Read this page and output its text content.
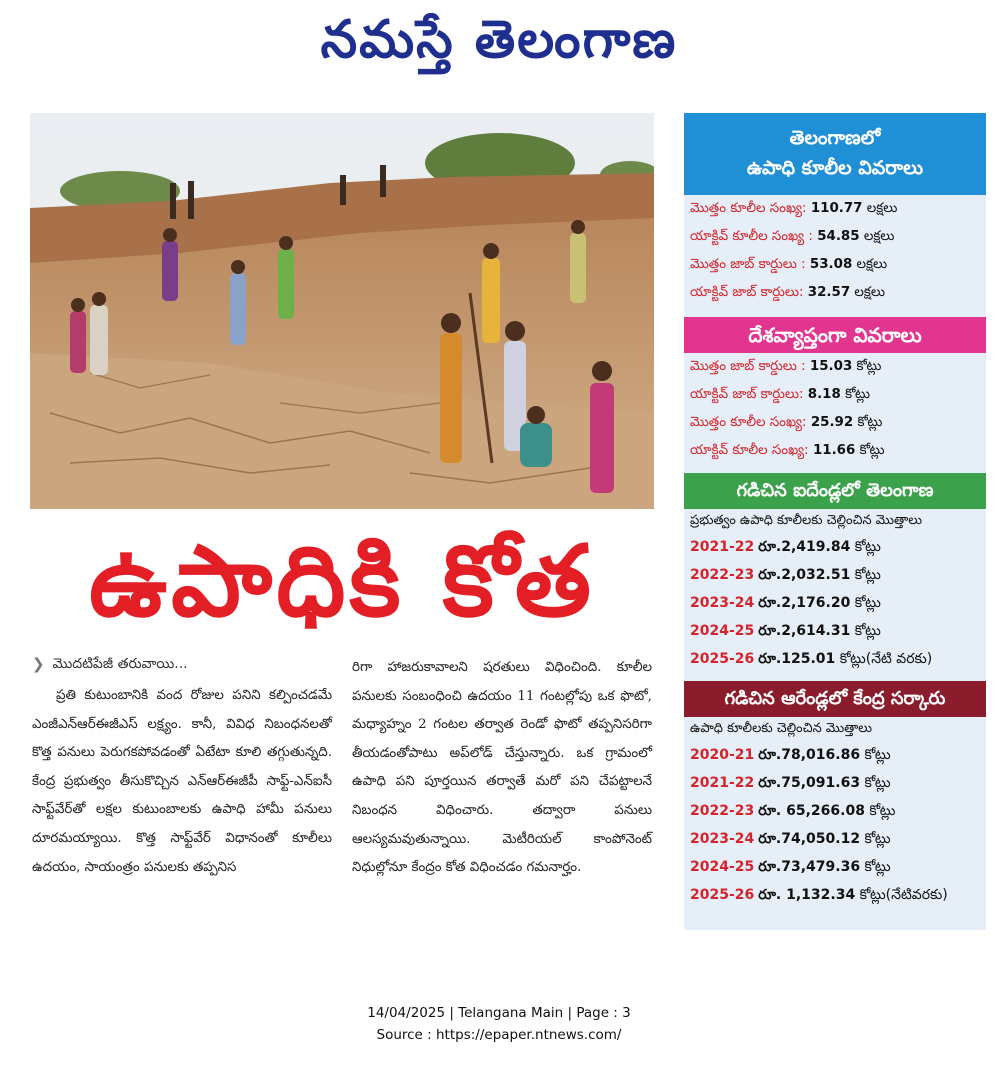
నమస్తే తెలంగాణ
ఉపాధికి కోత
❯ మొదటిపేజీ తరువాయి...

ప్రతి కుటుంబానికి వంద రోజుల పనిని కల్పించడమే ఎంజీఎన్ఆర్ఈజీఎస్ లక్ష్యం. కానీ, వివిధ నిబంధనలతో కొత్త పనులు పెరుగకపోవడంతో ఏటేటా కూలి తగ్గుతున్నది. కేంద్ర ప్రభుత్వం తీసుకొచ్చిన ఎన్ఆర్ఈజీపీ సాఫ్ట్-ఎన్ఐసీ సాఫ్ట్‌వేర్‌తో లక్షల కుటుంబాలకు ఉపాధి హామీ పనులు దూరమయ్యాయి. కొత్త సాఫ్ట్‌వేర్ విధానంతో కూలీలు ఉదయం, సాయంత్రం పనులకు తప్పనిస

రిగా హాజరుకావాలని షరతులు విధించింది. కూలీల పనులకు సంబంధించి ఉదయం 11 గంటల్లోపు ఒక ఫొటో, మధ్యాహ్నం 2 గంటల తర్వాత రెండో ఫొటో తప్పనిసరిగా తీయడంతోపాటు అప్‌లోడ్ చేస్తున్నారు. ఒక గ్రామంలో ఉపాధి పని పూర్తయిన తర్వాతే మరో పని చేపట్టాలనే నిబంధన విధించారు. తద్వారా పనులు ఆలస్యమవుతున్నాయి. మెటీరియల్ కాంపోనెంట్ నిధుల్లోనూ కేంద్రం కోత విధించడం గమనార్హం.

తెలంగాణలో
ఉపాధి కూలీల వివరాలు
మొత్తం కూలీల సంఖ్య: 110.77 లక్షలు
యాక్టివ్ కూలీల సంఖ్య : 54.85 లక్షలు
మొత్తం జాబ్ కార్డులు : 53.08 లక్షలు
యాక్టివ్ జాబ్ కార్డులు: 32.57 లక్షలు
దేశవ్యాప్తంగా వివరాలు
మొత్తం జాబ్ కార్డులు : 15.03 కోట్లు
యాక్టివ్ జాబ్ కార్డులు: 8.18 కోట్లు
మొత్తం కూలీల సంఖ్య: 25.92 కోట్లు
యాక్టివ్ కూలీల సంఖ్య: 11.66 కోట్లు
గడిచిన ఐదేండ్లలో తెలంగాణ
ప్రభుత్వం ఉపాధి కూలీలకు చెల్లించిన మొత్తాలు
2021-22 రూ.2,419.84 కోట్లు
2022-23 రూ.2,032.51 కోట్లు
2023-24 రూ.2,176.20 కోట్లు
2024-25 రూ.2,614.31 కోట్లు
2025-26 రూ.125.01 కోట్లు(నేటి వరకు)
గడిచిన ఆరేండ్లలో కేంద్ర సర్కారు
ఉపాధి కూలీలకు చెల్లించిన మొత్తాలు
2020-21 రూ.78,016.86 కోట్లు
2021-22 రూ.75,091.63 కోట్లు
2022-23 రూ. 65,266.08 కోట్లు
2023-24 రూ.74,050.12 కోట్లు
2024-25 రూ.73,479.36 కోట్లు
2025-26 రూ. 1,132.34 కోట్లు(నేటివరకు)
14/04/2025 | Telangana Main | Page : 3
Source : https://epaper.ntnews.com/
